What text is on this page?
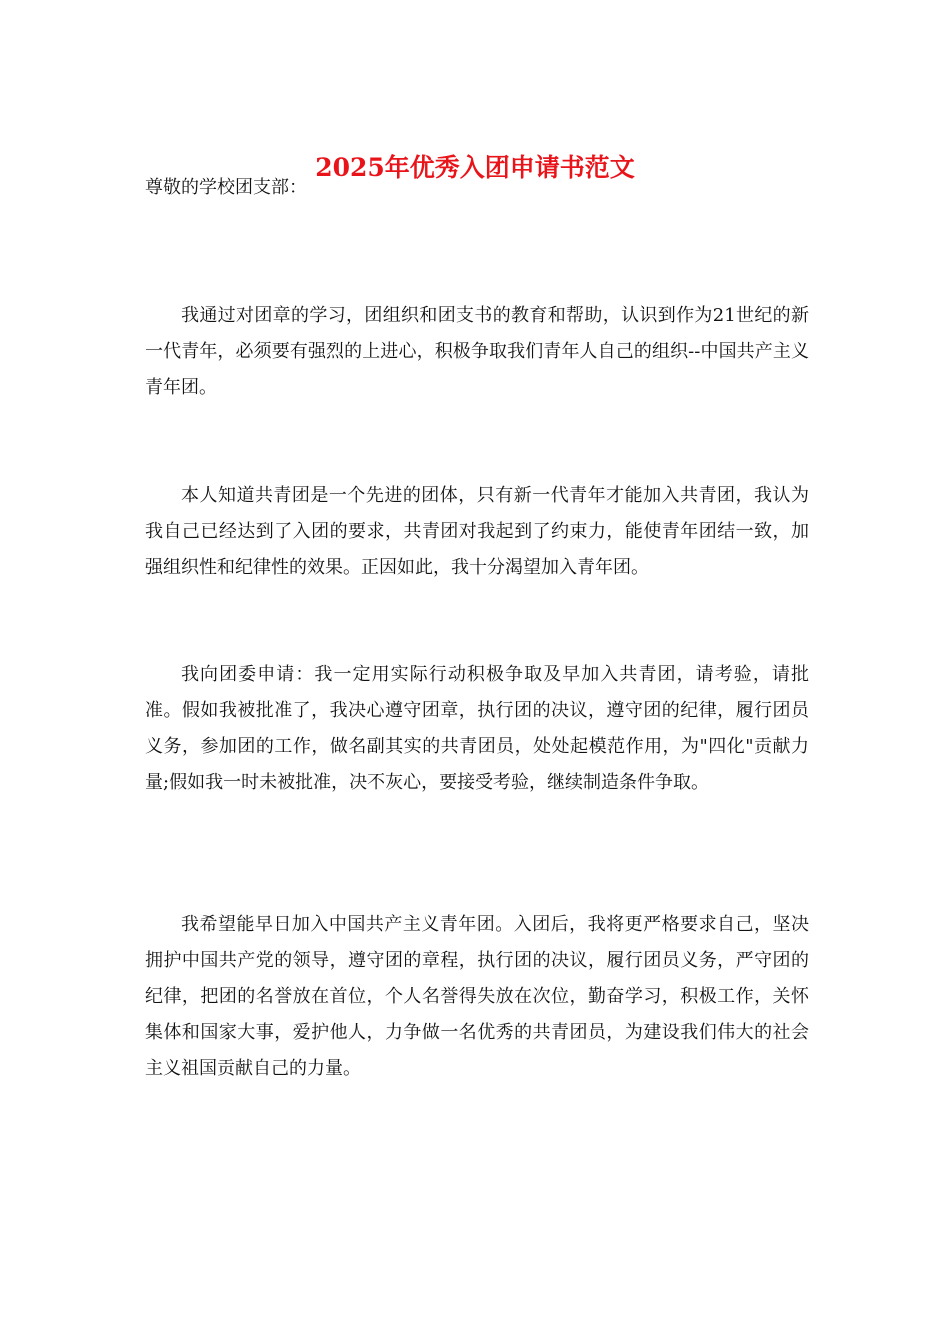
2025年优秀入团申请书范文
尊敬的学校团支部：

我通过对团章的学习，团组织和团支书的教育和帮助，认识到作为21世纪的新一代青年，必须要有强烈的上进心，积极争取我们青年人自己的组织--中国共产主义青年团。

本人知道共青团是一个先进的团体，只有新一代青年才能加入共青团，我认为我自己已经达到了入团的要求，共青团对我起到了约束力，能使青年团结一致，加强组织性和纪律性的效果。正因如此，我十分渴望加入青年团。

我向团委申请：我一定用实际行动积极争取及早加入共青团，请考验，请批准。假如我被批准了，我决心遵守团章，执行团的决议，遵守团的纪律，履行团员义务，参加团的工作，做名副其实的共青团员，处处起模范作用，为"四化"贡献力量;假如我一时未被批准，决不灰心，要接受考验，继续制造条件争取。

我希望能早日加入中国共产主义青年团。入团后，我将更严格要求自己，坚决拥护中国共产党的领导，遵守团的章程，执行团的决议，履行团员义务，严守团的纪律，把团的名誉放在首位，个人名誉得失放在次位，勤奋学习，积极工作，关怀集体和国家大事，爱护他人，力争做一名优秀的共青团员，为建设我们伟大的社会主义祖国贡献自己的力量。
